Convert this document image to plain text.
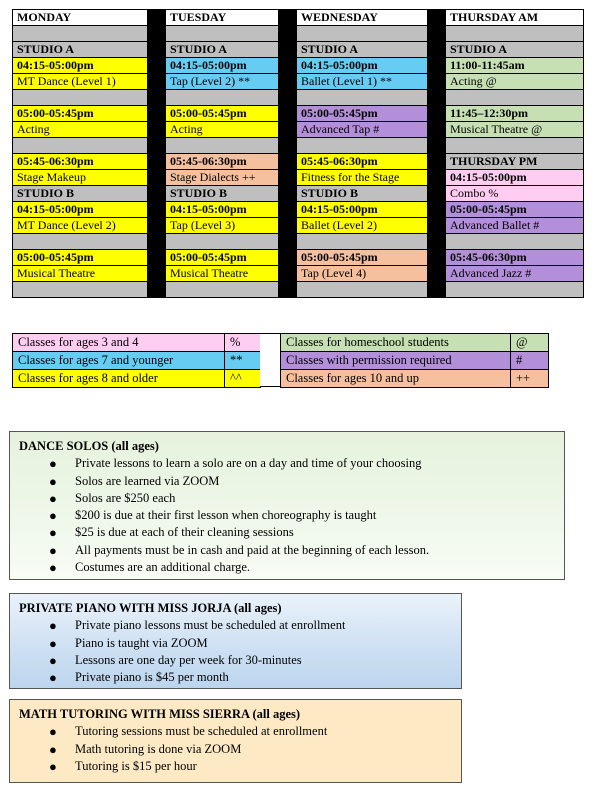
MONDAY		TUESDAY		WEDNESDAY		THURSDAY AM

STUDIO A		STUDIO A		STUDIO A		STUDIO A
04:15-05:00pm		04:15-05:00pm		04:15-05:00pm		11:00-11:45am
MT Dance (Level 1)		Tap (Level 2) **		Ballet (Level 1) **		Acting @

05:00-05:45pm		05:00-05:45pm		05:00-05:45pm		11:45–12:30pm
Acting		Acting		Advanced Tap #		Musical Theatre @

05:45-06:30pm		05:45-06:30pm		05:45-06:30pm		THURSDAY PM
Stage Makeup		Stage Dialects ++		Fitness for the Stage		04:15-05:00pm
STUDIO B		STUDIO B		STUDIO B		Combo %
04:15-05:00pm		04:15-05:00pm		04:15-05:00pm		05:00-05:45pm
MT Dance (Level 2)		Tap (Level 3)		Ballet (Level 2)		Advanced Ballet #

05:00-05:45pm		05:00-05:45pm		05:00-05:45pm		05:45-06:30pm
Musical Theatre		Musical Theatre		Tap (Level 4)		Advanced Jazz #

Classes for ages 3 and 4	%
Classes for ages 7 and younger	**
Classes for ages 8 and older	^^
Classes for homeschool students	@
Classes with permission required	#
Classes for ages 10 and up	++
DANCE SOLOS (all ages)
● Private lessons to learn a solo are on a day and time of your choosing
● Solos are learned via ZOOM
● Solos are $250 each
● $200 is due at their first lesson when choreography is taught
● $25 is due at each of their cleaning sessions
● All payments must be in cash and paid at the beginning of each lesson.
● Costumes are an additional charge.
PRIVATE PIANO WITH MISS JORJA (all ages)
● Private piano lessons must be scheduled at enrollment
● Piano is taught via ZOOM
● Lessons are one day per week for 30-minutes
● Private piano is $45 per month
MATH TUTORING WITH MISS SIERRA (all ages)
● Tutoring sessions must be scheduled at enrollment
● Math tutoring is done via ZOOM
● Tutoring is $15 per hour
